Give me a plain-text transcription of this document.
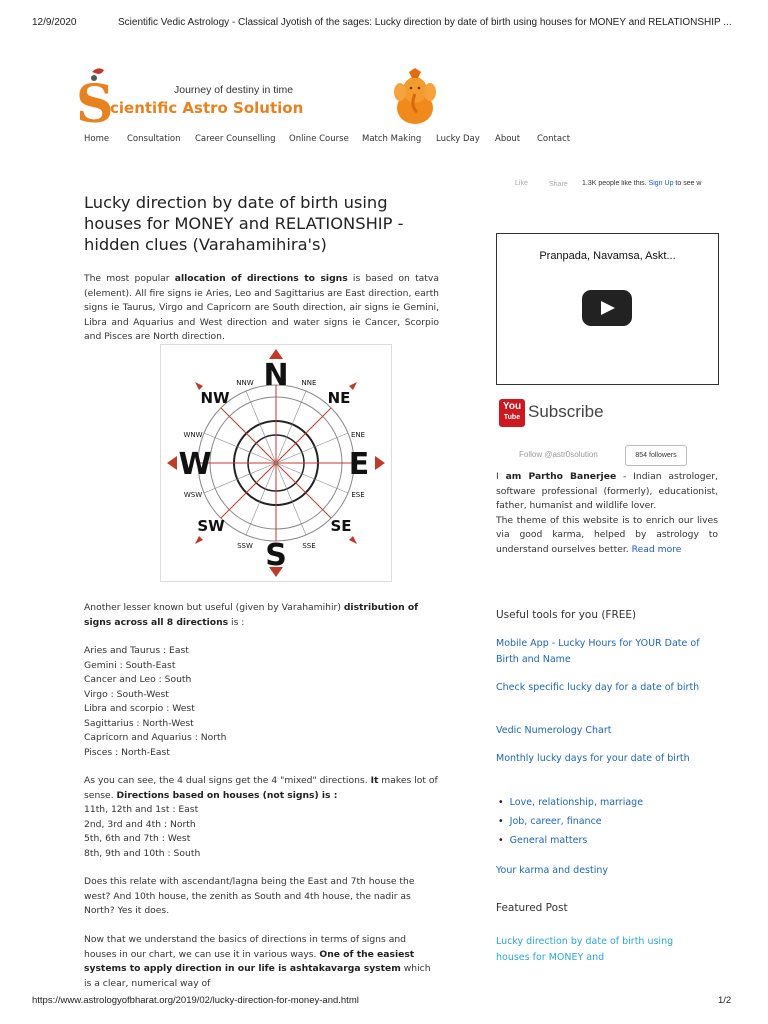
12/9/2020	Scientific Vedic Astrology - Classical Jyotish of the sages: Lucky direction by date of birth using houses for MONEY and RELATIONSHIP ...
S	Journey of destiny in time
cientific Astro Solution
Home Consultation Career Counselling Online Course Match Making Lucky Day About Contact
Like	Share 1.3K people like this. Sign Up to see w
Lucky direction by date of birth using houses for MONEY and RELATIONSHIP - hidden clues (Varahamihira's)
The most popular allocation of directions to signs is based on tatva (element). All fire signs ie Aries, Leo and Sagittarius are East direction, earth signs ie Taurus, Virgo and Capricorn are South direction, air signs ie Gemini, Libra and Aquarius and West direction and water signs ie Cancer, Scorpio and Pisces are North direction.
N
S
E
W
NE
NW
SE
SW
NNE
NNW
ENE
ESE
SSE
SSW
WSW
WNW
Another lesser known but useful (given by Varahamihir) distribution of signs across all 8 directions is :
Aries and Taurus : East
Gemini : South-East
Cancer and Leo : South
Virgo : South-West
Libra and scorpio : West
Sagittarius : North-West
Capricorn and Aquarius : North
Pisces : North-East
As you can see, the 4 dual signs get the 4 "mixed" directions. It makes lot of sense. Directions based on houses (not signs) is :
11th, 12th and 1st : East
2nd, 3rd and 4th : North
5th, 6th and 7th : West
8th, 9th and 10th : South
Does this relate with ascendant/lagna being the East and 7th house the west? And 10th house, the zenith as South and 4th house, the nadir as North? Yes it does.
Now that we understand the basics of directions in terms of signs and houses in our chart, we can use it in various ways. One of the easiest systems to apply direction in our life is ashtakavarga system which is a clear, numerical way of
Pranpada, Navamsa, Askt...
You
Tube Subscribe
Follow @astr0solution	854 followers
I am Partho Banerjee - Indian astrologer, software professional (formerly), educationist, father, humanist and wildlife lover.
The theme of this website is to enrich our lives via good karma, helped by astrology to understand ourselves better. Read more
Useful tools for you (FREE)
Mobile App - Lucky Hours for YOUR Date of Birth and Name
Check specific lucky day for a date of birth
Vedic Numerology Chart
Monthly lucky days for your date of birth
• Love, relationship, marriage
• Job, career, finance
• General matters
Your karma and destiny
Featured Post
Lucky direction by date of birth using houses for MONEY and
https://www.astrologyofbharat.org/2019/02/lucky-direction-for-money-and.html	1/2
